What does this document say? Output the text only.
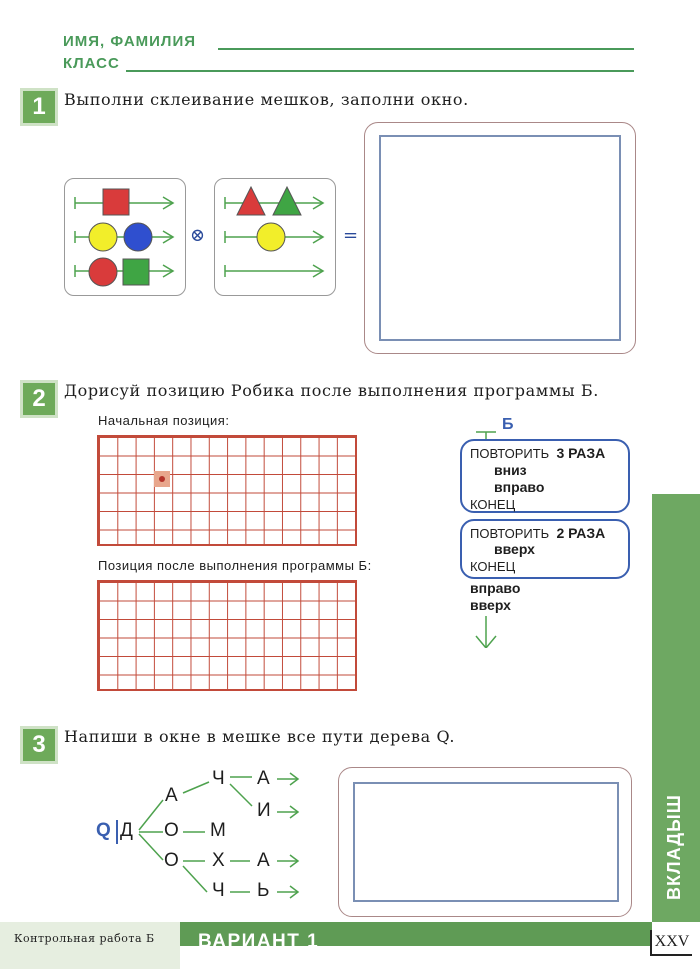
ИМЯ, ФАМИЛИЯ
КЛАСС
1	Выполни склеивание мешков, заполни окно.
⊗	=
2	Дорисуй позицию Робика после выполнения программы Б.
Начальная позиция:
Позиция после выполнения программы Б:
Б
ПОВТОРИТЬ 3 РАЗА
вниз
вправо
КОНЕЦ
ПОВТОРИТЬ 2 РАЗА
вверх
КОНЕЦ
вправо
вверх
3	Напиши в окне в мешке все пути дерева Q.
Q Д
А
О
О
Ч
М
Х
Ч
А
И
А
Ь	ВКЛАДЫШ
Контрольная работа Б ВАРИАНТ 1	XXV
